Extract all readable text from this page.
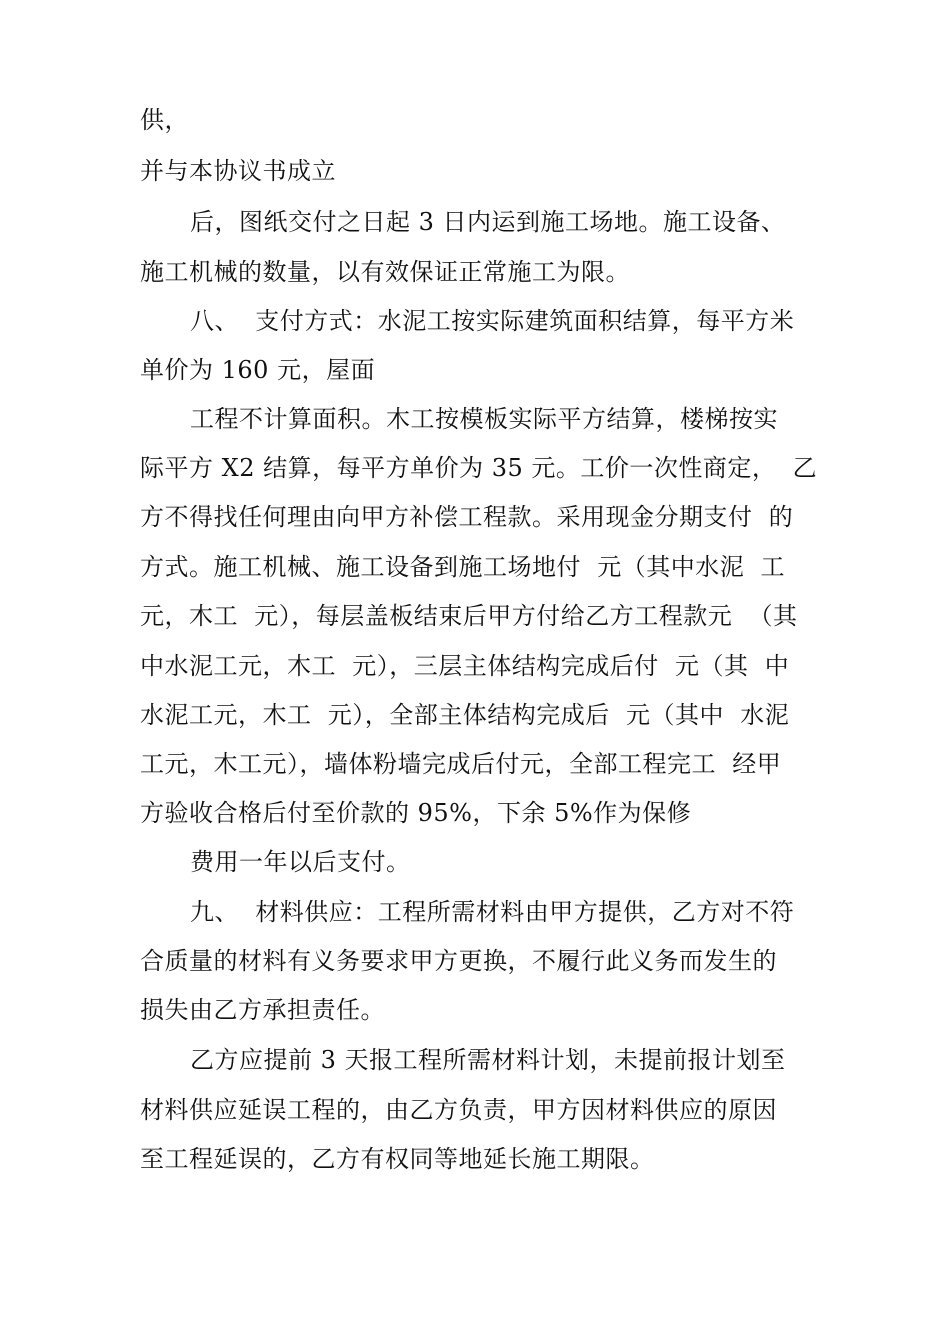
供，
并与本协议书成立
后，图纸交付之日起 3 日内运到施工场地。施工设备、
施工机械的数量，以有效保证正常施工为限。
八、  支付方式：水泥工按实际建筑面积结算，每平方米
单价为 160 元，屋面
工程不计算面积。木工按模板实际平方结算，楼梯按实
际平方 X2 结算，每平方单价为 35 元。工价一次性商定，  乙
方不得找任何理由向甲方补偿工程款。采用现金分期支付  的
方式。施工机械、施工设备到施工场地付  元（其中水泥  工
元，木工  元），每层盖板结束后甲方付给乙方工程款元  （其
中水泥工元，木工  元），三层主体结构完成后付  元（其  中
水泥工元，木工  元），全部主体结构完成后  元（其中  水泥
工元，木工元），墙体粉墙完成后付元，全部工程完工  经甲
方验收合格后付至价款的 95%，下余 5%作为保修
费用一年以后支付。
九、  材料供应：工程所需材料由甲方提供，乙方对不符
合质量的材料有义务要求甲方更换，不履行此义务而发生的
损失由乙方承担责任。
乙方应提前 3 天报工程所需材料计划，未提前报计划至
材料供应延误工程的，由乙方负责，甲方因材料供应的原因
至工程延误的，乙方有权同等地延长施工期限。
